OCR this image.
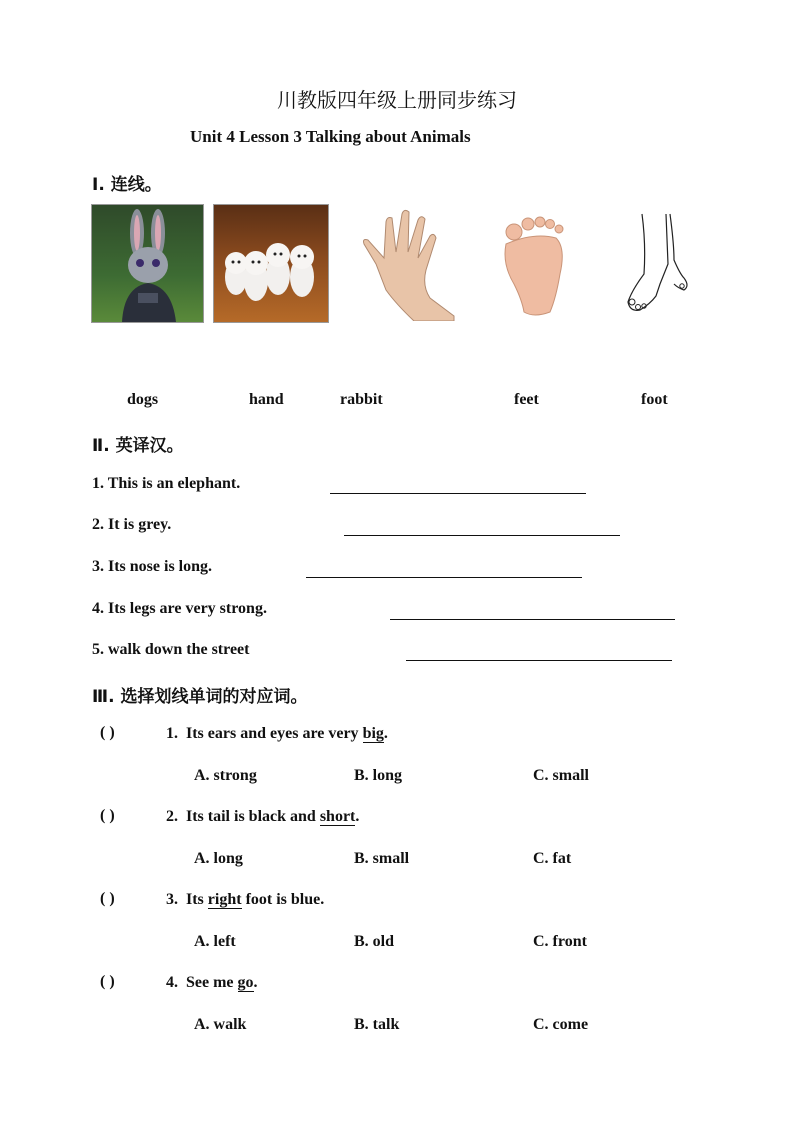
川教版四年级上册同步练习
Unit 4 Lesson 3 Talking about Animals
Ⅰ. 连线。
dogs	hand	rabbit	feet	foot
Ⅱ. 英译汉。
1. This is an elephant.
2. It is grey.
3. Its nose is long.
4. Its legs are very strong.
5. walk down the street
Ⅲ. 选择划线单词的对应词。
( )	1. Its ears and eyes are very big.
A. strong	B. long	C. small
( )	2. Its tail is black and short.
A. long	B. small	C. fat
( )	3. Its right foot is blue.
A. left	B. old	C. front
( )	4. See me go.
A. walk	B. talk	C. come
